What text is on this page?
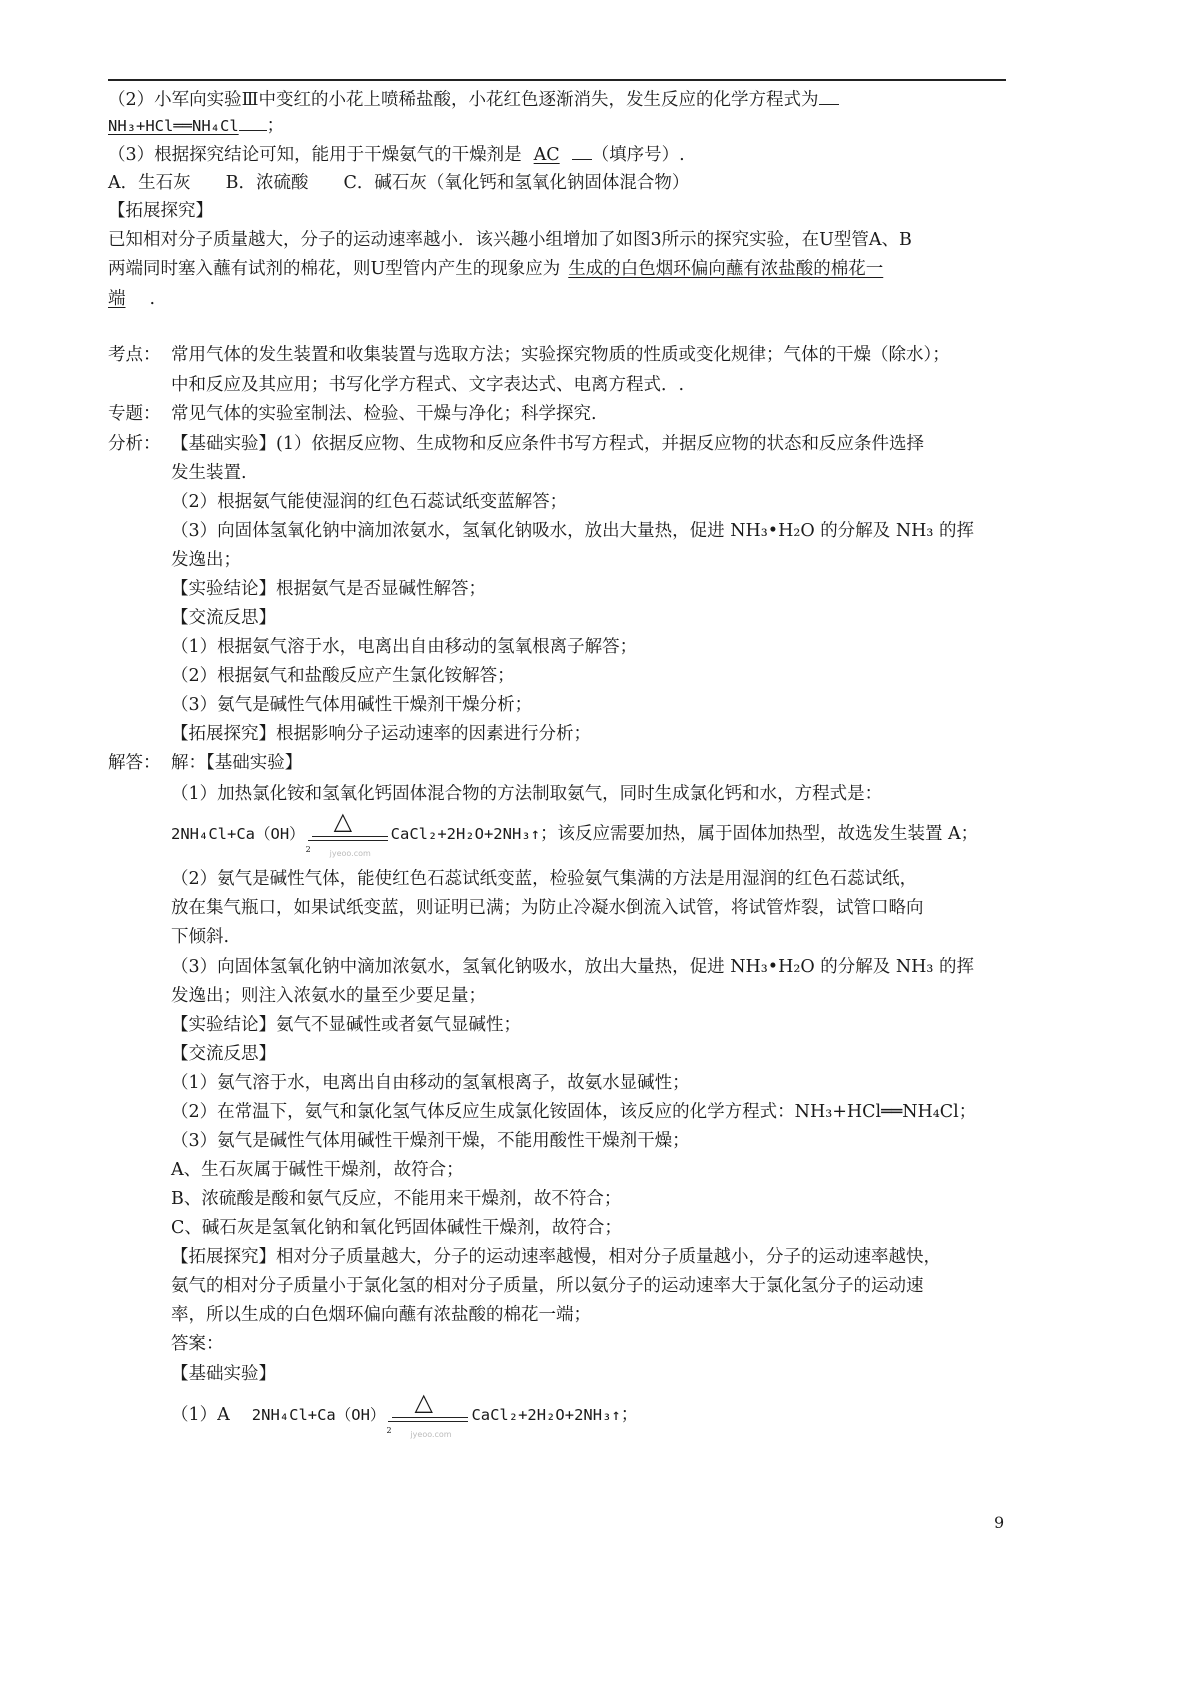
（2）小军向实验Ⅲ中变红的小花上喷稀盐酸，小花红色逐渐消失，发生反应的化学方程式为
NH₃+HCl══NH₄Cl ；
（3）根据探究结论可知，能用于干燥氨气的干燥剂是 AC （填序号）.
A．生石灰　　B．浓硫酸　　C．碱石灰（氧化钙和氢氧化钠固体混合物）
【拓展探究】
已知相对分子质量越大，分子的运动速率越小．该兴趣小组增加了如图3所示的探究实验，在U型管A、B
两端同时塞入蘸有试剂的棉花，则U型管内产生的现象应为 生成的白色烟环偏向蘸有浓盐酸的棉花一
端 .
考点： 常用气体的发生装置和收集装置与选取方法；实验探究物质的性质或变化规律；气体的干燥（除水）；
中和反应及其应用；书写化学方程式、文字表达式、电离方程式．.
专题： 常见气体的实验室制法、检验、干燥与净化；科学探究.
分析： 【基础实验】(1）依据反应物、生成物和反应条件书写方程式，并据反应物的状态和反应条件选择
发生装置.
（2）根据氨气能使湿润的红色石蕊试纸变蓝解答；
（3）向固体氢氧化钠中滴加浓氨水，氢氧化钠吸水，放出大量热，促进 NH₃•H₂O 的分解及 NH₃ 的挥
发逸出；
【实验结论】根据氨气是否显碱性解答；
【交流反思】
（1）根据氨气溶于水，电离出自由移动的氢氧根离子解答；
（2）根据氨气和盐酸反应产生氯化铵解答；
（3）氨气是碱性气体用碱性干燥剂干燥分析；
【拓展探究】根据影响分子运动速率的因素进行分析；
解答： 解：【基础实验】
（1）加热氯化铵和氢氧化钙固体混合物的方法制取氨气，同时生成氯化钙和水，方程式是：
2NH₄Cl+Ca（OH） △
jyeoo.com
2
CaCl₂+2H₂O+2NH₃↑；该反应需要加热，属于固体加热型，故选发生装置 A；
（2）氨气是碱性气体，能使红色石蕊试纸变蓝，检验氨气集满的方法是用湿润的红色石蕊试纸，
放在集气瓶口，如果试纸变蓝，则证明已满；为防止冷凝水倒流入试管，将试管炸裂，试管口略向
下倾斜.
（3）向固体氢氧化钠中滴加浓氨水，氢氧化钠吸水，放出大量热，促进 NH₃•H₂O 的分解及 NH₃ 的挥
发逸出；则注入浓氨水的量至少要足量；
【实验结论】氨气不显碱性或者氨气显碱性；
【交流反思】
（1）氨气溶于水，电离出自由移动的氢氧根离子，故氨水显碱性；
（2）在常温下，氨气和氯化氢气体反应生成氯化铵固体，该反应的化学方程式：NH₃+HCl══NH₄Cl；
（3）氨气是碱性气体用碱性干燥剂干燥，不能用酸性干燥剂干燥；
A、生石灰属于碱性干燥剂，故符合；
B、浓硫酸是酸和氨气反应，不能用来干燥剂，故不符合；
C、碱石灰是氢氧化钠和氧化钙固体碱性干燥剂，故符合；
【拓展探究】相对分子质量越大，分子的运动速率越慢，相对分子质量越小，分子的运动速率越快，
氨气的相对分子质量小于氯化氢的相对分子质量，所以氨分子的运动速率大于氯化氢分子的运动速
率，所以生成的白色烟环偏向蘸有浓盐酸的棉花一端；
答案：
【基础实验】
（1）A 2NH₄Cl+Ca（OH） △
jyeoo.com
2
CaCl₂+2H₂O+2NH₃↑；
9
